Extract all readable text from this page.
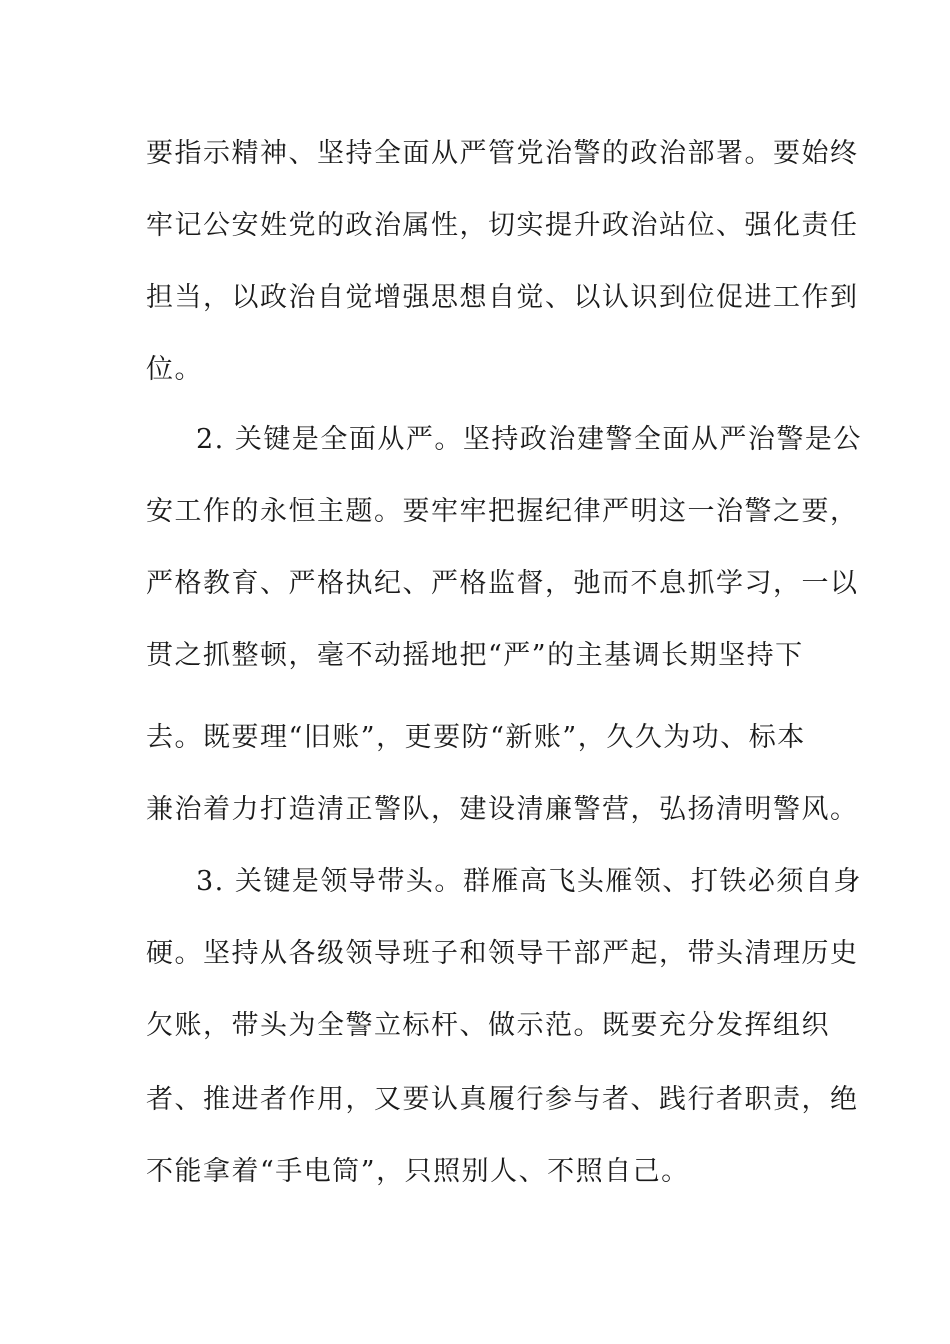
要指示精神、坚持全面从严管党治警的政治部署。要始终
牢记公安姓党的政治属性，切实提升政治站位、强化责任
担当，以政治自觉增强思想自觉、以认识到位促进工作到
位。
2. 关键是全面从严。坚持政治建警全面从严治警是公
安工作的永恒主题。要牢牢把握纪律严明这一治警之要，
严格教育、严格执纪、严格监督，弛而不息抓学习，一以
贯之抓整顿，毫不动摇地把“严”的主基调长期坚持下
去。既要理“旧账”，更要防“新账”，久久为功、标本
兼治着力打造清正警队，建设清廉警营，弘扬清明警风。
3. 关键是领导带头。群雁高飞头雁领、打铁必须自身
硬。坚持从各级领导班子和领导干部严起，带头清理历史
欠账，带头为全警立标杆、做示范。既要充分发挥组织
者、推进者作用，又要认真履行参与者、践行者职责，绝
不能拿着“手电筒”，只照别人、不照自己。
